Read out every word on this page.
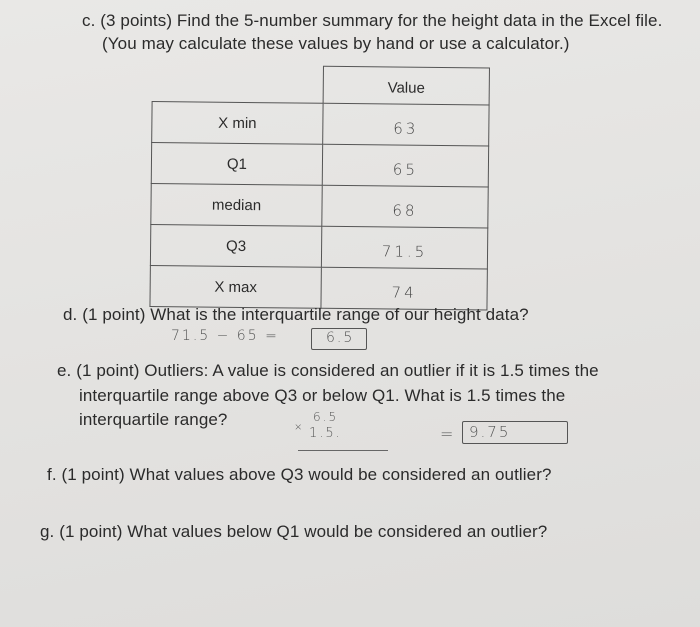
c. (3 points) Find the 5-number summary for the height data in the Excel file.
(You may calculate these values by hand or use a calculator.)
	Value
X min	63
Q1	65
median	68
Q3	71.5
X max	74
d. (1 point) What is the interquartile range of our height data?
71.5 − 65 =	6.5
e. (1 point) Outliers: A value is considered an outlier if it is 1.5 times the
interquartile range above Q3 or below Q1. What is 1.5 times the
interquartile range?	6.5
× 1.5.	= 9.75
f. (1 point) What values above Q3 would be considered an outlier?
g. (1 point) What values below Q1 would be considered an outlier?
